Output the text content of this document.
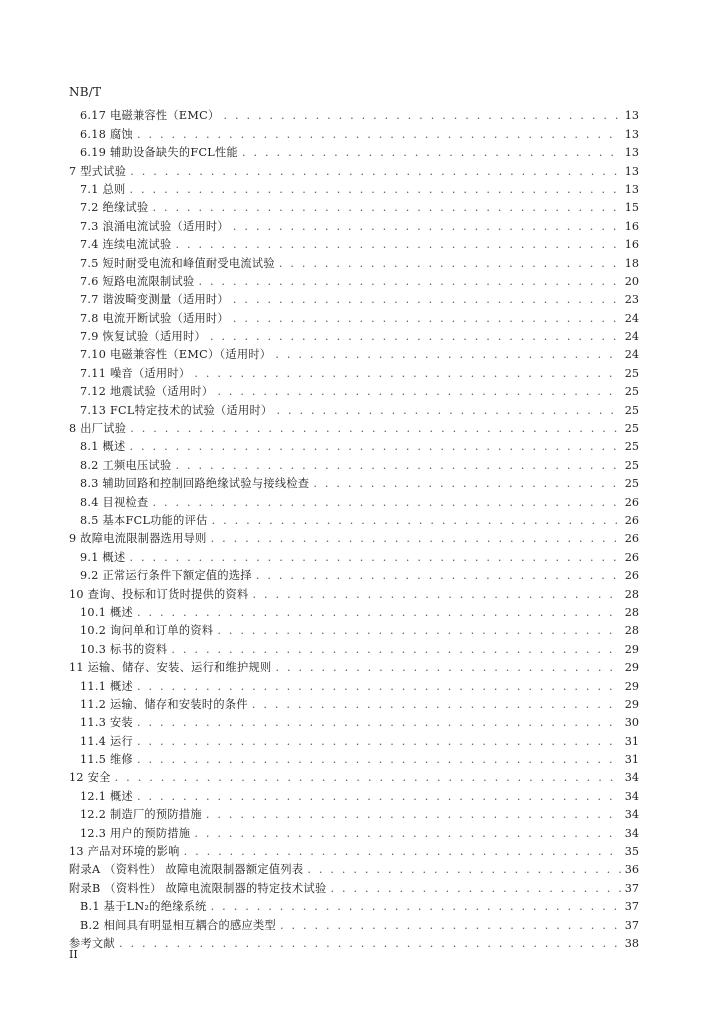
NB/T
6.17 电磁兼容性（EMC） . . .	13
6.18 腐蚀 . . .	13
6.19 辅助设备缺失的FCL性能 . . .	13
7 型式试验 . . .	13
7.1 总则 . . .	13
7.2 绝缘试验 . . .	15
7.3 浪涌电流试验（适用时） . . .	16
7.4 连续电流试验 . . .	16
7.5 短时耐受电流和峰值耐受电流试验 . . .	18
7.6 短路电流限制试验 . . .	20
7.7 谐波畸变测量（适用时） . . .	23
7.8 电流开断试验（适用时） . . .	24
7.9 恢复试验（适用时） . . .	24
7.10 电磁兼容性（EMC）（适用时） . . .	24
7.11 噪音（适用时） . . .	25
7.12 地震试验（适用时） . . .	25
7.13 FCL特定技术的试验（适用时） . . .	25
8 出厂试验 . . .	25
8.1 概述 . . .	25
8.2 工频电压试验 . . .	25
8.3 辅助回路和控制回路绝缘试验与接线检查 . . .	25
8.4 目视检查 . . .	26
8.5 基本FCL功能的评估 . . .	26
9 故障电流限制器选用导则 . . .	26
9.1 概述 . . .	26
9.2 正常运行条件下额定值的选择 . . .	26
10 查询、投标和订货时提供的资料 . . .	28
10.1 概述 . . .	28
10.2 询问单和订单的资料 . . .	28
10.3 标书的资料 . . .	29
11 运输、储存、安装、运行和维护规则 . . .	29
11.1 概述 . . .	29
11.2 运输、储存和安装时的条件 . . .	29
11.3 安装 . . .	30
11.4 运行 . . .	31
11.5 维修 . . .	31
12 安全 . . .	34
12.1 概述 . . .	34
12.2 制造厂的预防措施 . . .	34
12.3 用户的预防措施 . . .	34
13 产品对环境的影响 . . .	35
附录A （资料性） 故障电流限制器额定值列表 . . .	36
附录B （资料性） 故障电流限制器的特定技术试验 . . .	37
B.1 基于LN₂的绝缘系统 . . .	37
B.2 相间具有明显相互耦合的感应类型 . . .	37
参考文献 . . .	38
II
